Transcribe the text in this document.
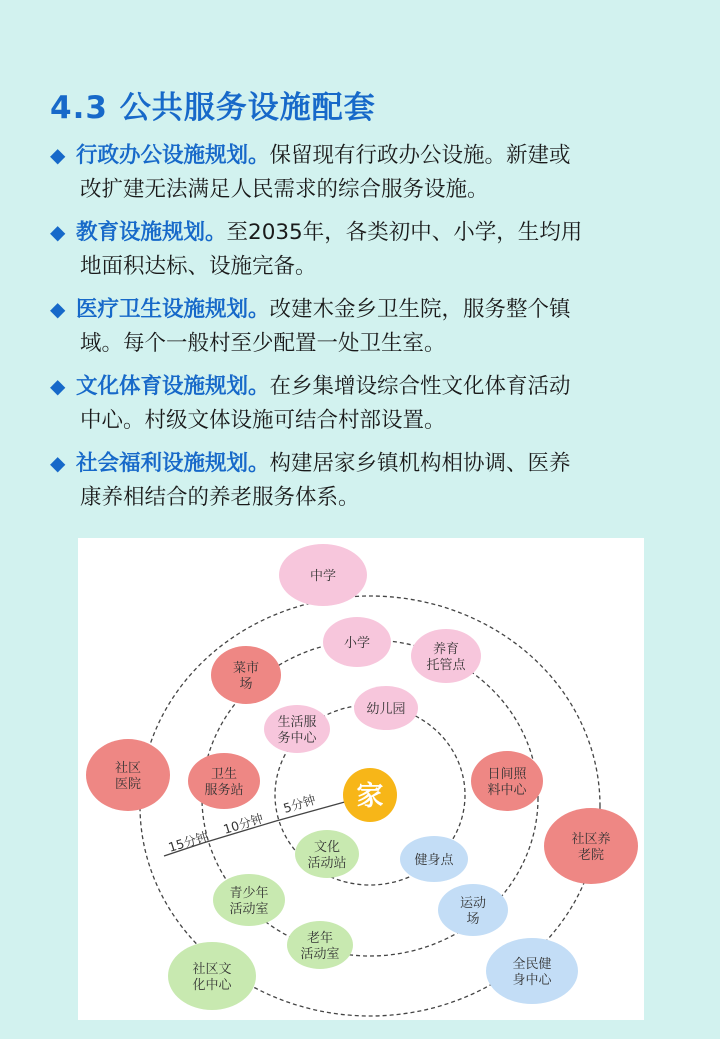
4.3 公共服务设施配套
◆ 行政办公设施规划。保留现有行政办公设施。新建或
改扩建无法满足人民需求的综合服务设施。
◆ 教育设施规划。至2035年，各类初中、小学，生均用
地面积达标、设施完备。
◆ 医疗卫生设施规划。改建木金乡卫生院，服务整个镇
域。每个一般村至少配置一处卫生室。
◆ 文化体育设施规划。在乡集增设综合性文化体育活动
中心。村级文体设施可结合村部设置。
◆ 社会福利设施规划。构建居家乡镇机构相协调、医养
康养相结合的养老服务体系。
5分钟
10分钟
15分钟
中学
小学	养育
托管点
菜市
场
幼儿园
生活服
务中心
社区
医院
卫生
服务站
日间照
料中心
社区养
老院
文化
活动站	健身点
青少年
活动室	运动
场
老年
活动室
社区文
化中心
全民健
身中心
家
